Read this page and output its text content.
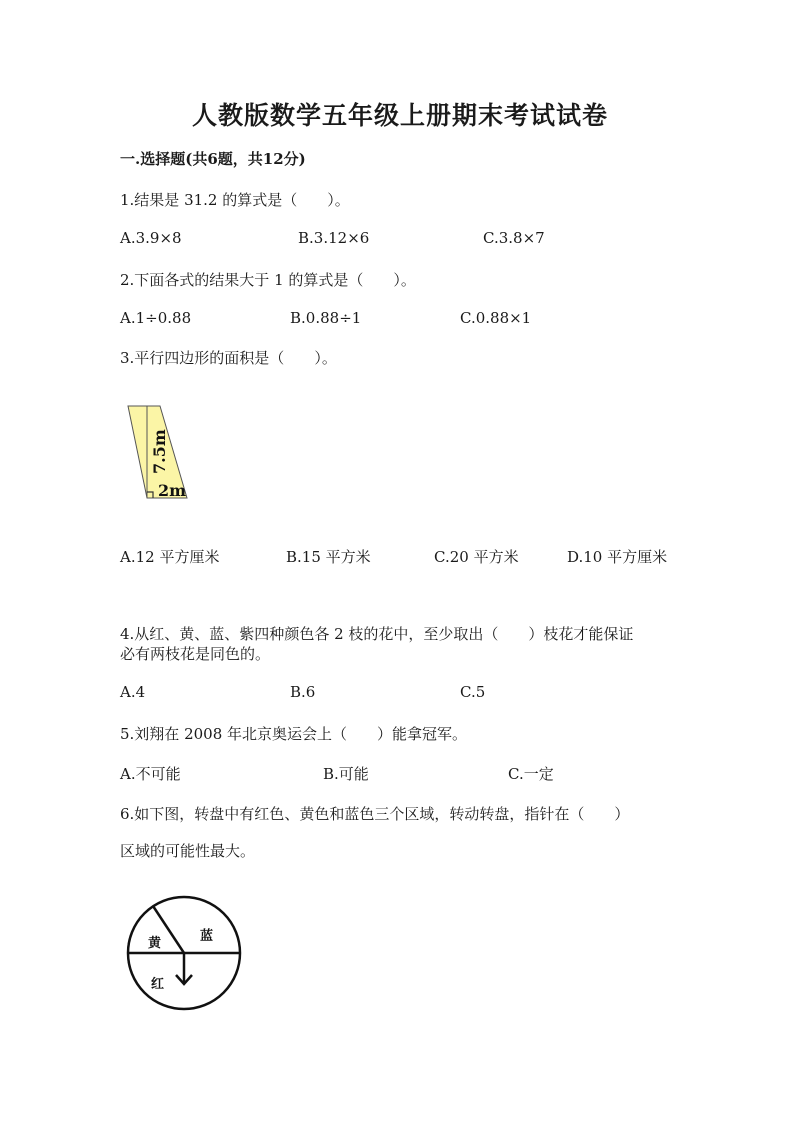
人教版数学五年级上册期末考试试卷
一.选择题(共6题，共12分)
1.结果是 31.2 的算式是（　　）。
A.3.9×8	B.3.12×6	C.3.8×7
2.下面各式的结果大于 1 的算式是（　　）。
A.1÷0.88	B.0.88÷1	C.0.88×1
3.平行四边形的面积是（　　）。
7.5m
2m
A.12 平方厘米	B.15 平方米	C.20 平方米	D.10 平方厘米
4.从红、黄、蓝、紫四种颜色各 2 枝的花中，至少取出（　　）枝花才能保证
必有两枝花是同色的。
A.4	B.6	C.5
5.刘翔在 2008 年北京奥运会上（　　）能拿冠军。
A.不可能	B.可能	C.一定
6.如下图，转盘中有红色、黄色和蓝色三个区域，转动转盘，指针在（　　）
区域的可能性最大。
黄	蓝
红
